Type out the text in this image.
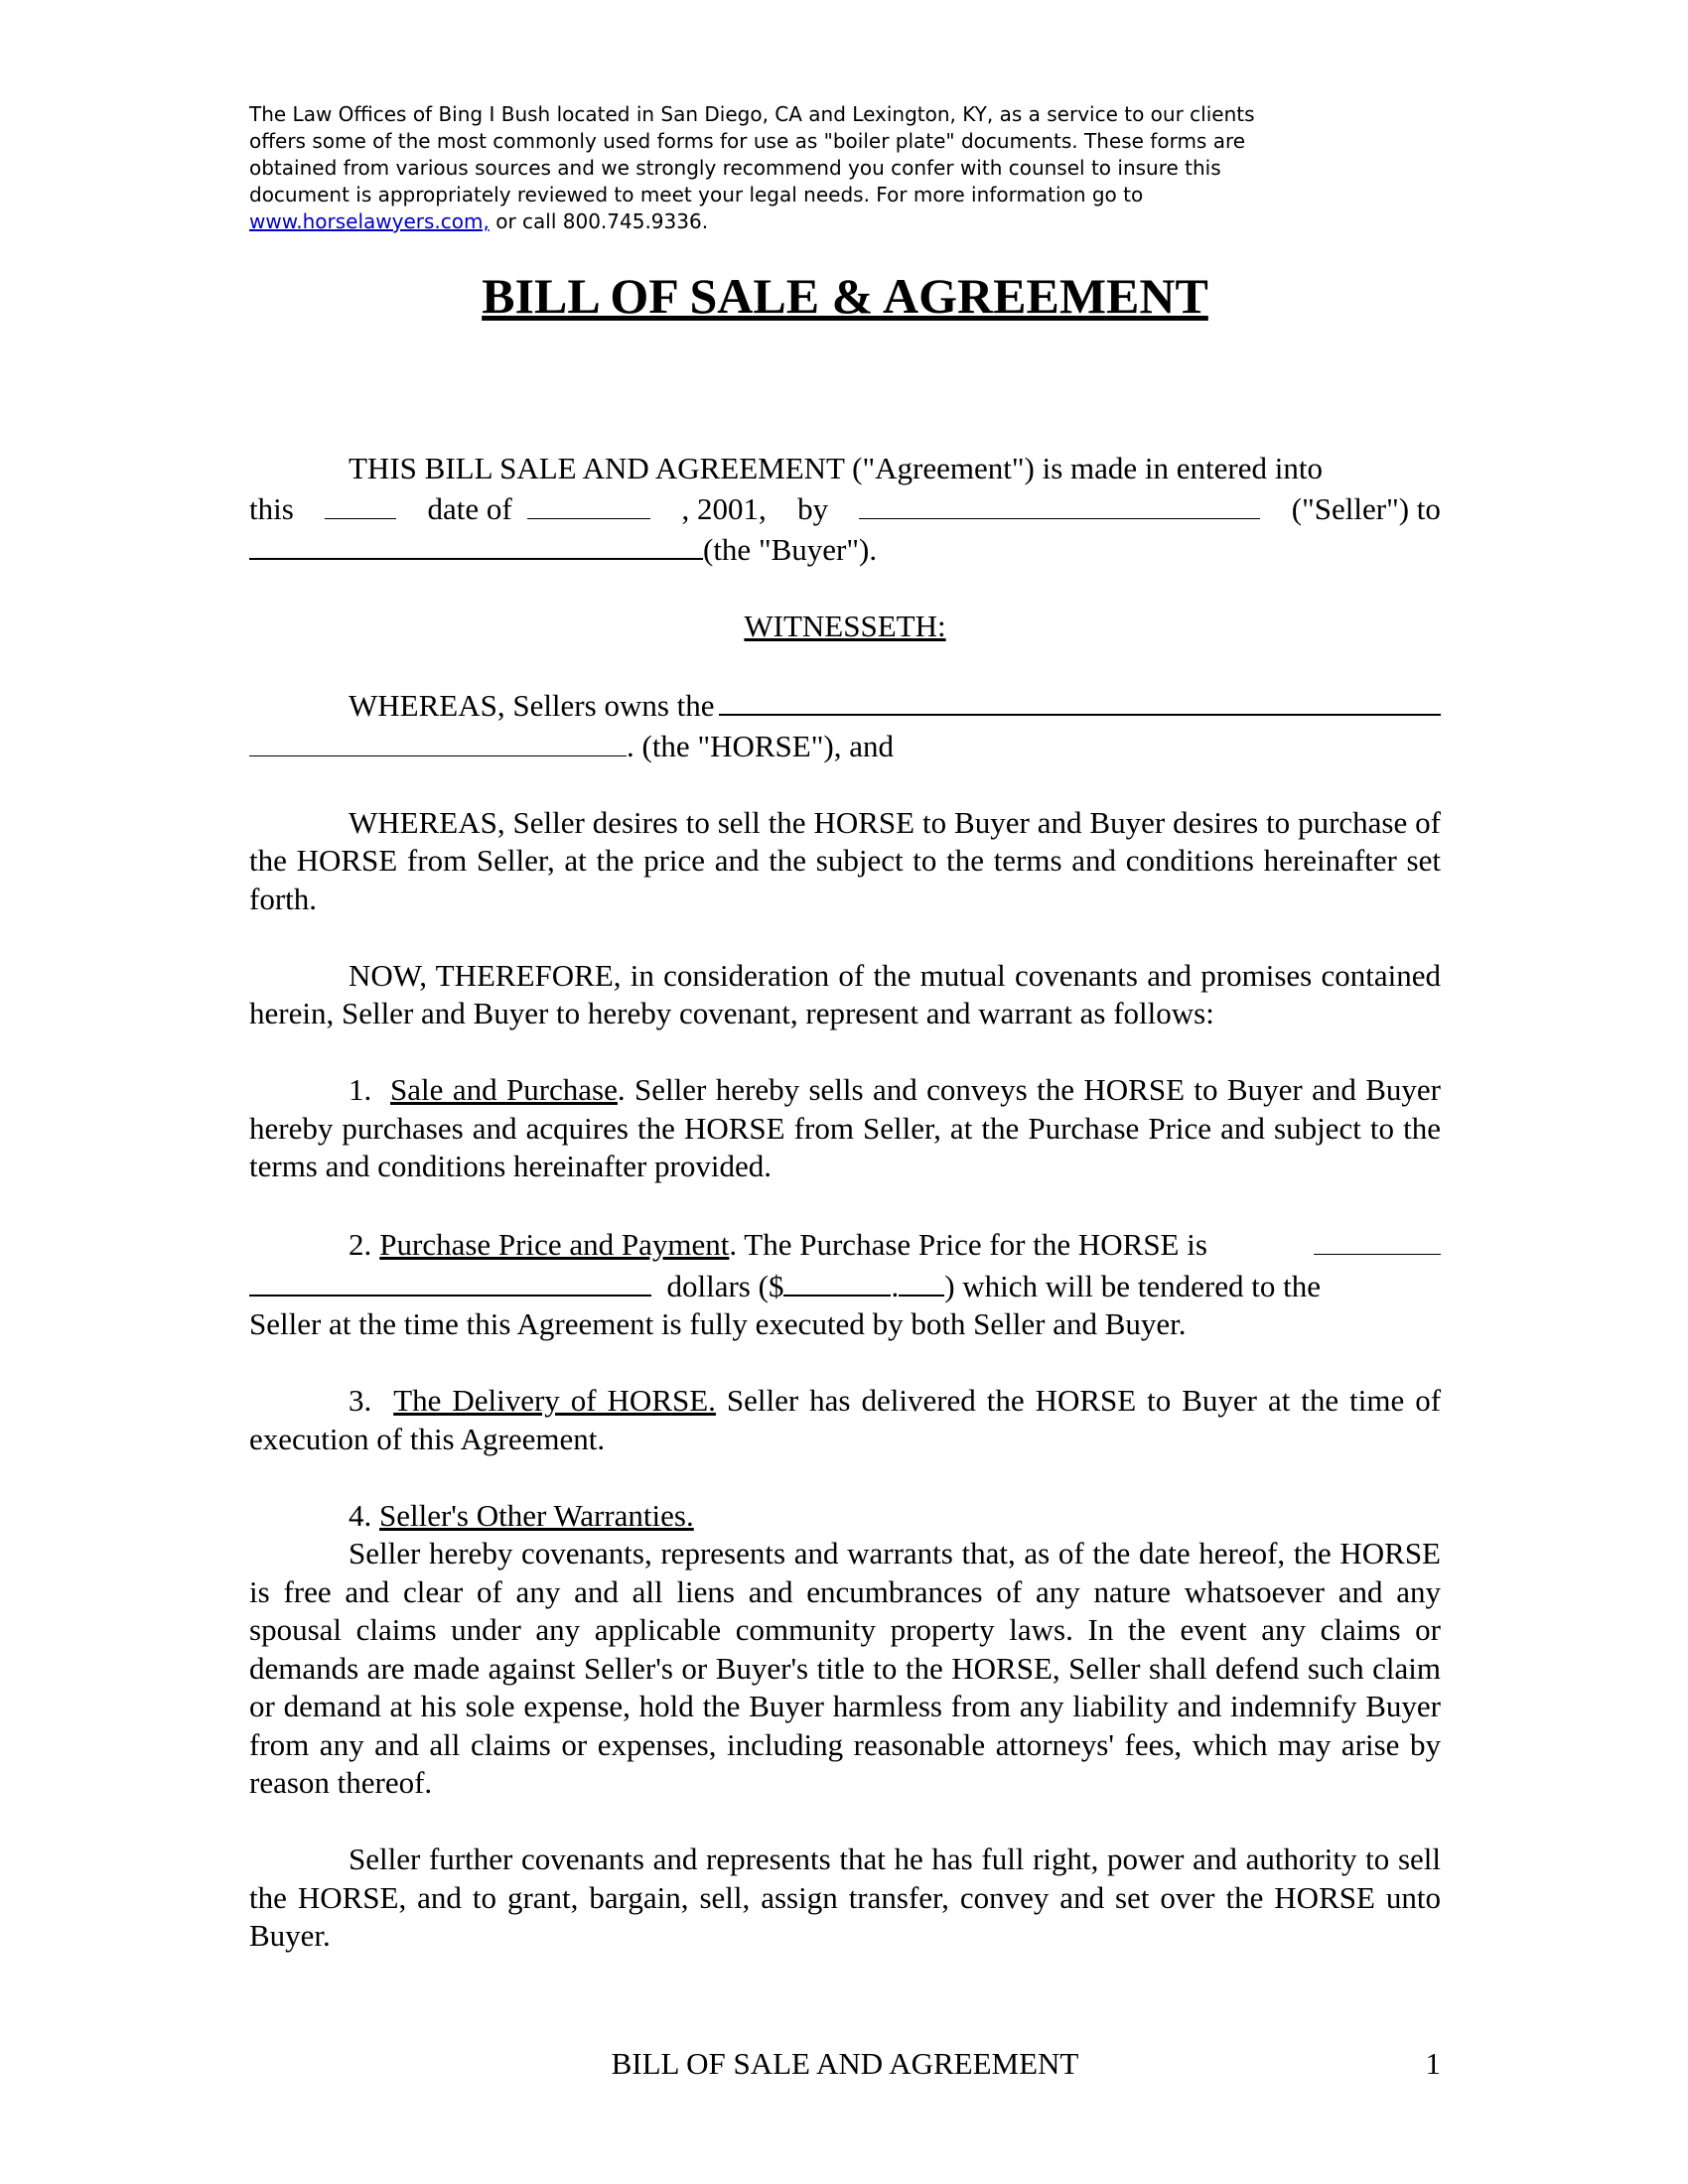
The Law Offices of Bing I Bush located in San Diego, CA and Lexington, KY, as a service to our clients
offers some of the most commonly used forms for use as "boiler plate" documents. These forms are
obtained from various sources and we strongly recommend you confer with counsel to insure this
document is appropriately reviewed to meet your legal needs. For more information go to
www.horselawyers.com, or call 800.745.9336.
BILL OF SALE & AGREEMENT

THIS BILL SALE AND AGREEMENT ("Agreement") is made in entered into
this	date of	, 2001, by	("Seller") to
(the "Buyer").

WITNESSETH:

WHEREAS, Sellers owns the
. (the "HORSE"), and

WHEREAS, Seller desires to sell the HORSE to Buyer and Buyer desires to purchase of the HORSE from Seller, at the price and the subject to the terms and conditions hereinafter set forth.

NOW, THEREFORE, in consideration of the mutual covenants and promises contained herein, Seller and Buyer to hereby covenant, represent and warrant as follows:

1. Sale and Purchase. Seller hereby sells and conveys the HORSE to Buyer and Buyer hereby purchases and acquires the HORSE from Seller, at the Purchase Price and subject to the terms and conditions hereinafter provided.

2. Purchase Price and Payment . The Purchase Price for the HORSE is
dollars ($	. ) which will be tendered to the
Seller at the time this Agreement is fully executed by both Seller and Buyer.

3. The Delivery of HORSE. Seller has delivered the HORSE to Buyer at the time of execution of this Agreement.

4. Seller's Other Warranties.

Seller hereby covenants, represents and warrants that, as of the date hereof, the HORSE is free and clear of any and all liens and encumbrances of any nature whatsoever and any spousal claims under any applicable community property laws. In the event any claims or demands are made against Seller's or Buyer's title to the HORSE, Seller shall defend such claim or demand at his sole expense, hold the Buyer harmless from any liability and indemnify Buyer from any and all claims or expenses, including reasonable attorneys' fees, which may arise by reason thereof.

Seller further covenants and represents that he has full right, power and authority to sell the HORSE, and to grant, bargain, sell, assign transfer, convey and set over the HORSE unto Buyer.

BILL OF SALE AND AGREEMENT	1
